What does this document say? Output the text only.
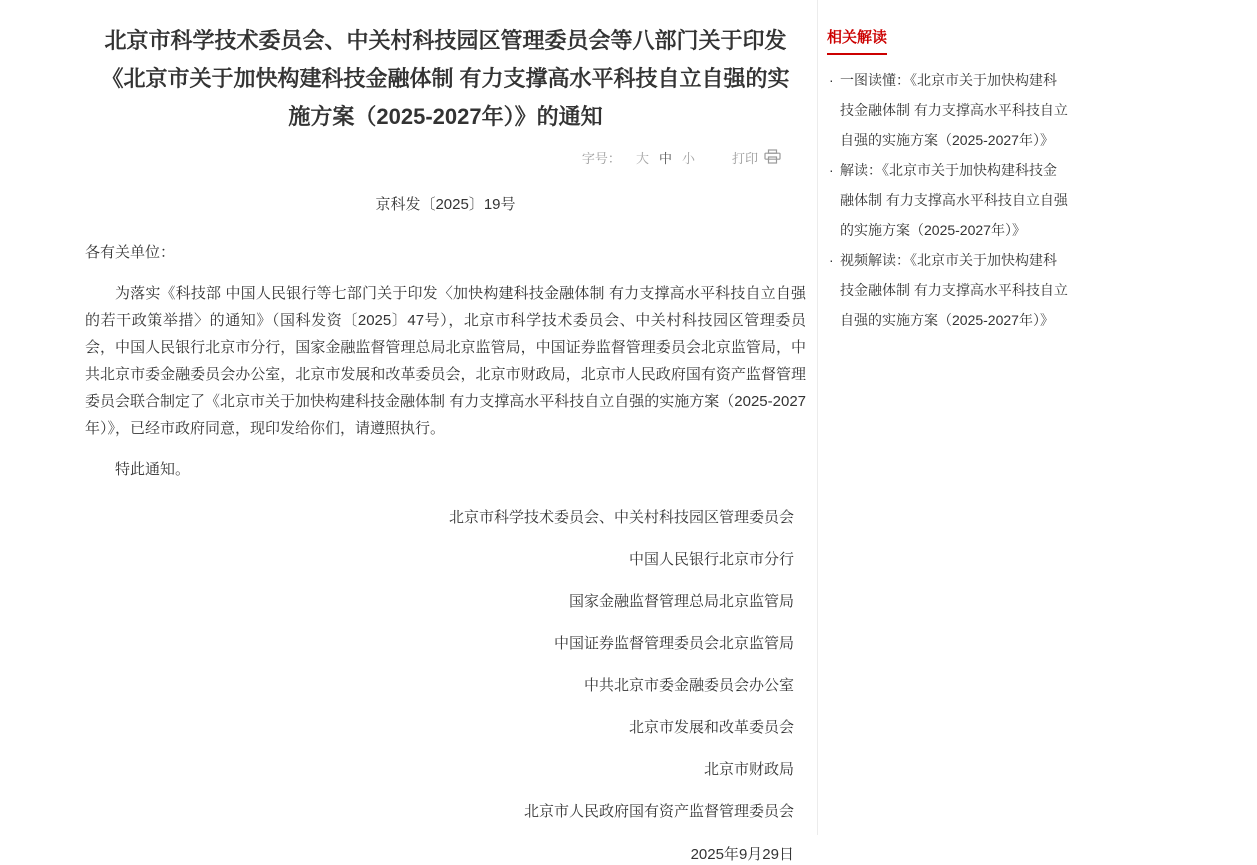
北京市科学技术委员会、中关村科技园区管理委员会等八部门关于印发《北京市关于加快构建科技金融体制 有力支撑高水平科技自立自强的实施方案（2025-2027年）》的通知
字号： 大 中 小	打印
京科发〔2025〕19号

各有关单位：

为落实《科技部 中国人民银行等七部门关于印发〈加快构建科技金融体制 有力支撑高水平科技自立自强的若干政策举措〉的通知》（国科发资〔2025〕47号），北京市科学技术委员会、中关村科技园区管理委员会，中国人民银行北京市分行，国家金融监督管理总局北京监管局，中国证券监督管理委员会北京监管局，中共北京市委金融委员会办公室，北京市发展和改革委员会，北京市财政局，北京市人民政府国有资产监督管理委员会联合制定了《北京市关于加快构建科技金融体制 有力支撑高水平科技自立自强的实施方案（2025-2027年）》，已经市政府同意，现印发给你们，请遵照执行。

特此通知。

北京市科学技术委员会、中关村科技园区管理委员会

中国人民银行北京市分行

国家金融监督管理总局北京监管局

中国证券监督管理委员会北京监管局

中共北京市委金融委员会办公室

北京市发展和改革委员会

北京市财政局

北京市人民政府国有资产监督管理委员会

2025年9月29日

相关解读
· 一图读懂：《北京市关于加快构建科技金融体制 有力支撑高水平科技自立自强的实施方案（2025-2027年）》
· 解读：《北京市关于加快构建科技金融体制 有力支撑高水平科技自立自强的实施方案（2025-2027年）》
· 视频解读：《北京市关于加快构建科技金融体制 有力支撑高水平科技自立自强的实施方案（2025-2027年）》
